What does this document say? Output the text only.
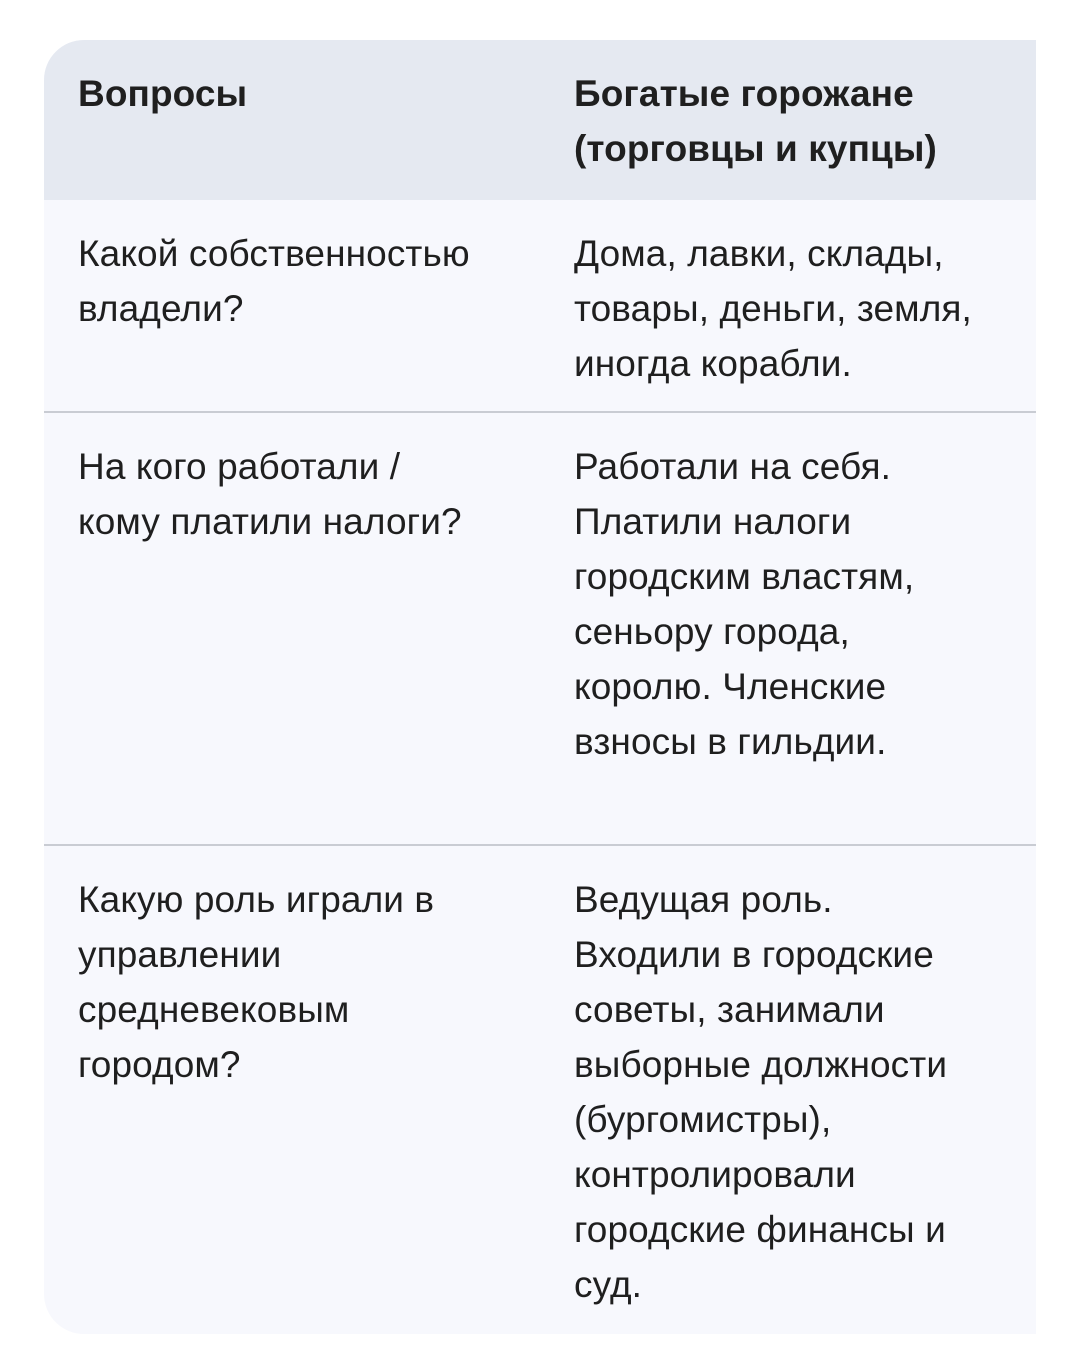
Вопросы	Богатые горожане
(торговцы и купцы)
Какой собственностью
владели?
Дома, лавки, склады,
товары, деньги, земля,
иногда корабли.
На кого работали /
кому платили налоги?
Работали на себя.
Платили налоги
городским властям,
сеньору города,
королю. Членские
взносы в гильдии.
Какую роль играли в
управлении
средневековым
городом?
Ведущая роль.
Входили в городские
советы, занимали
выборные должности
(бургомистры),
контролировали
городские финансы и
суд.
